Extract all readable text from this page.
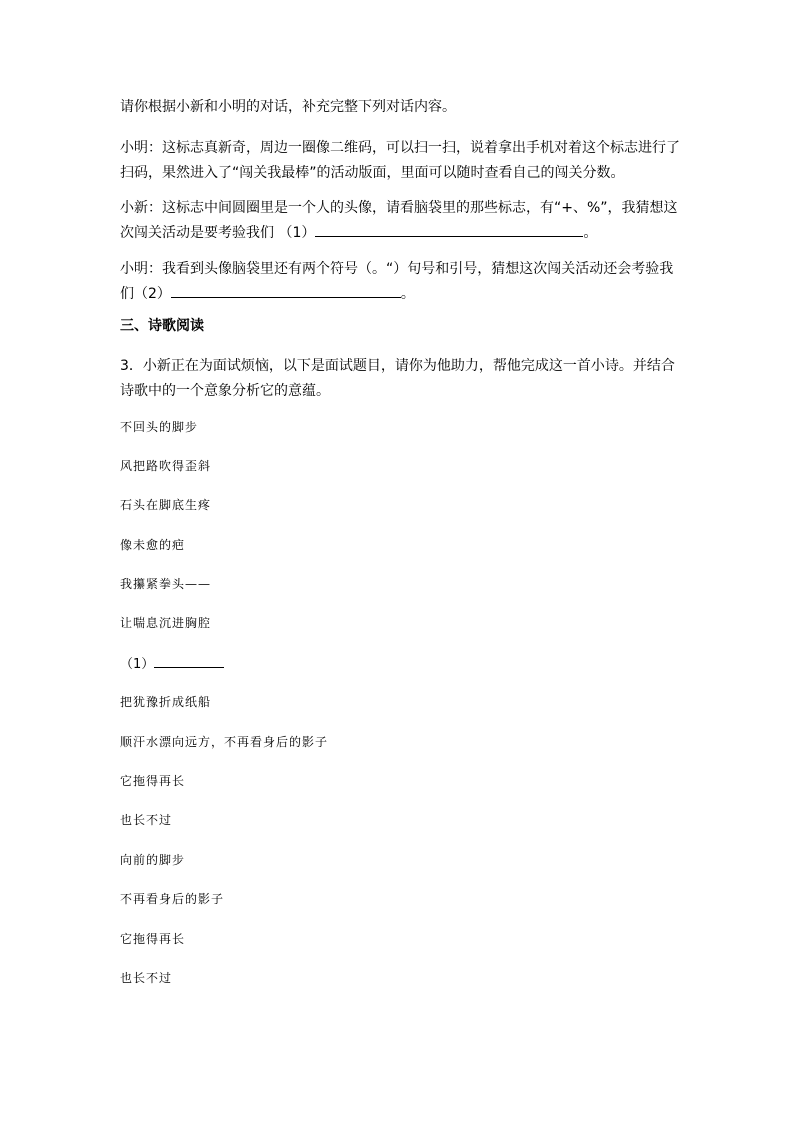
请你根据小新和小明的对话，补充完整下列对话内容。

小明：这标志真新奇，周边一圈像二维码，可以扫一扫，说着拿出手机对着这个标志进行了
扫码，果然进入了“闯关我最棒”的活动版面，里面可以随时查看自己的闯关分数。

小新：这标志中间圆圈里是一个人的头像，请看脑袋里的那些标志，有“+、%”，我猜想这
次闯关活动是要考验我们 （1）	。

小明：我看到头像脑袋里还有两个符号（。“）句号和引号，猜想这次闯关活动还会考验我
们（2）	。

三、诗歌阅读

3．小新正在为面试烦恼，以下是面试题目，请你为他助力，帮他完成这一首小诗。并结合
诗歌中的一个意象分析它的意蕴。

不回头的脚步

风把路吹得歪斜

石头在脚底生疼

像未愈的疤

我攥紧拳头——

让喘息沉进胸腔

（1）

把犹豫折成纸船

顺汗水漂向远方，不再看身后的影子

它拖得再长

也长不过

向前的脚步

不再看身后的影子

它拖得再长

也长不过
